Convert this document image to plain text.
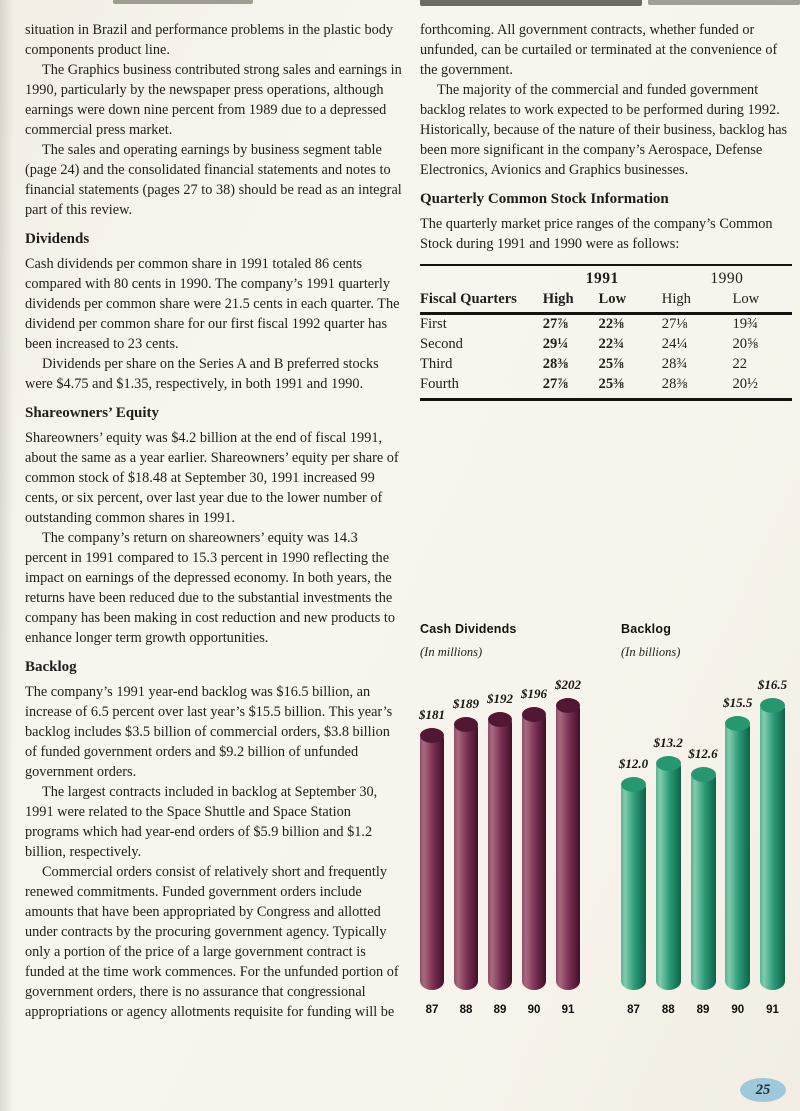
situation in Brazil and performance problems in the plastic body components product line.

The Graphics business contributed strong sales and earnings in 1990, particularly by the newspaper press operations, although earnings were down nine percent from 1989 due to a depressed commercial press market.

The sales and operating earnings by business segment table (page 24) and the consolidated financial statements and notes to financial statements (pages 27 to 38) should be read as an integral part of this review.

Dividends

Cash dividends per common share in 1991 totaled 86 cents compared with 80 cents in 1990. The company’s 1991 quarterly dividends per common share were 21.5 cents in each quarter. The dividend per common share for our first fiscal 1992 quarter has been increased to 23 cents.

Dividends per share on the Series A and B preferred stocks were $4.75 and $1.35, respectively, in both 1991 and 1990.

Shareowners’ Equity

Shareowners’ equity was $4.2 billion at the end of fiscal 1991, about the same as a year earlier. Shareowners’ equity per share of common stock of $18.48 at September 30, 1991 increased 99 cents, or six percent, over last year due to the lower number of outstanding common shares in 1991.

The company’s return on shareowners’ equity was 14.3 percent in 1991 compared to 15.3 percent in 1990 reflecting the impact on earnings of the depressed economy. In both years, the returns have been reduced due to the substantial investments the company has been making in cost reduction and new products to enhance longer term growth opportunities.

Backlog

The company’s 1991 year-end backlog was $16.5 billion, an increase of 6.5 percent over last year’s $15.5 billion. This year’s backlog includes $3.5 billion of commercial orders, $3.8 billion of funded government orders and $9.2 billion of unfunded government orders.

The largest contracts included in backlog at September 30, 1991 were related to the Space Shuttle and Space Station programs which had year-end orders of $5.9 billion and $1.2 billion, respectively.

Commercial orders consist of relatively short and frequently renewed commitments. Funded government orders include amounts that have been appropriated by Congress and allotted under contracts by the procuring government agency. Typically only a portion of the price of a large government contract is funded at the time work commences. For the unfunded portion of government orders, there is no assurance that congressional appropriations or agency allotments requisite for funding will be

forthcoming. All government contracts, whether funded or unfunded, can be curtailed or terminated at the convenience of the government.

The majority of the commercial and funded government backlog relates to work expected to be performed during 1992. Historically, because of the nature of their business, backlog has been more significant in the company’s Aerospace, Defense Electronics, Avionics and Graphics businesses.

Quarterly Common Stock Information

The quarterly market price ranges of the company’s Common Stock during 1991 and 1990 were as follows:

	1991		1990	
Fiscal Quarters	High	Low	High	Low
First	27⅞	22⅜	27⅛	19¾
Second	29¼	22¾	24¼	20⅝
Third	28⅜	25⅞	28¾	22
Fourth	27⅞	25⅜	28⅜	20½
Cash Dividends
(In millions)
$181
87
$189
88
$192
89
$196
90
$202
91
Backlog
(In billions)
$12.0
87
$13.2
88
$12.6
89
$15.5
90
$16.5
91
25
